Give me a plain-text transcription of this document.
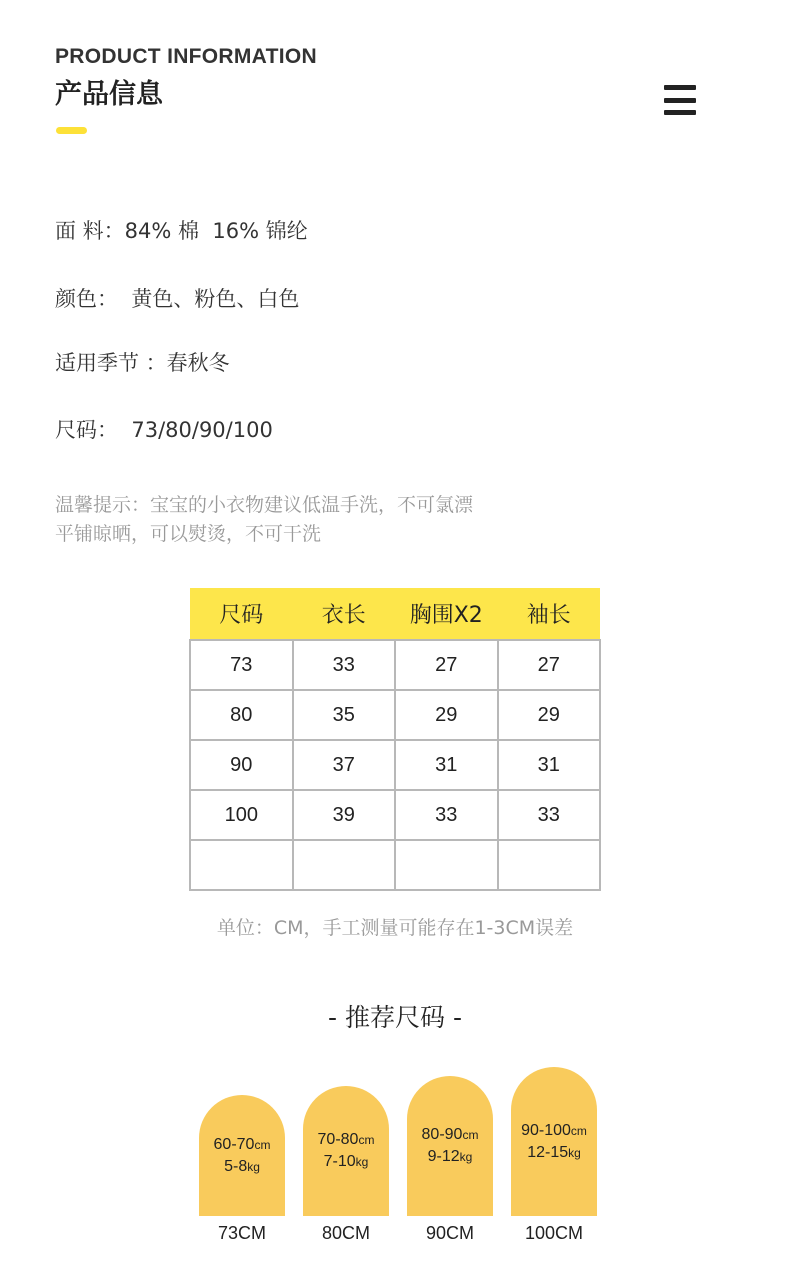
PRODUCT INFORMATION
产品信息
面 料：84% 棉  16% 锦纶
颜色：  黄色、粉色、白色
适用季节 ：春秋冬
尺码：  73/80/90/100
温馨提示：宝宝的小衣物建议低温手洗，不可氯漂
平铺晾晒，可以熨烫，不可干洗
尺码	衣长	胸围X2	袖长
73	33	27	27
80	35	29	29
90	37	31	31
100	39	33	33

单位：CM，手工测量可能存在1-3CM误差
- 推荐尺码 -
60-70cm
5-8kg
70-80cm
7-10kg
80-90cm
9-12kg
90-100cm
12-15kg
73CM	80CM	90CM	100CM
